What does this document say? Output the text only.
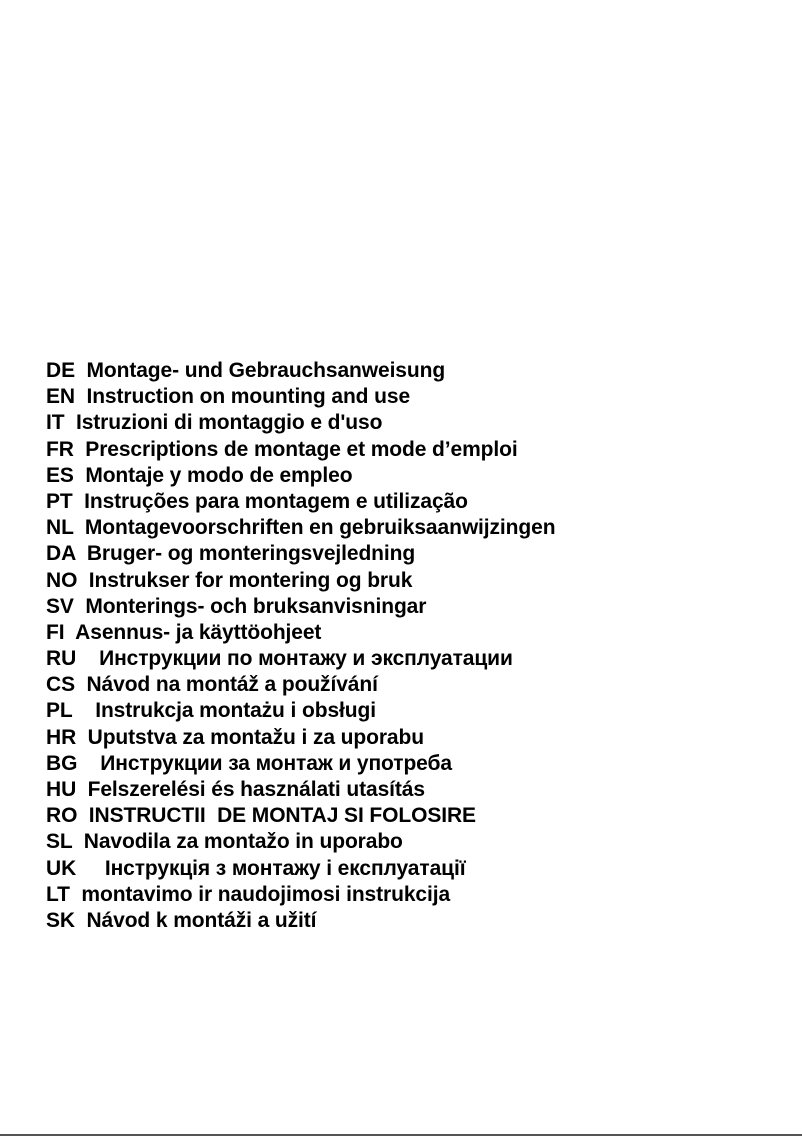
DE Montage- und Gebrauchsanweisung
EN Instruction on mounting and use
IT Istruzioni di montaggio e d'uso
FR Prescriptions de montage et mode d’emploi
ES Montaje y modo de empleo
PT Instruções para montagem e utilização
NL Montagevoorschriften en gebruiksaanwijzingen
DA Bruger- og monteringsvejledning
NO Instrukser for montering og bruk
SV Monterings- och bruksanvisningar
FI Asennus- ja käyttöohjeet
RU Инструкции по монтажу и эксплуатации
CS Návod na montáž a používání
PL Instrukcja montażu i obsługi
HR Uputstva za montažu i za uporabu
BG Инструкции за монтаж и употреба
HU Felszerelési és használati utasítás
RO INSTRUCTII  DE MONTAJ SI FOLOSIRE
SL Navodila za montažo in uporabo
UK Інструкція з монтажу і експлуатації
LT montavimo ir naudojimosi instrukcija
SK Návod k montáži a užití
